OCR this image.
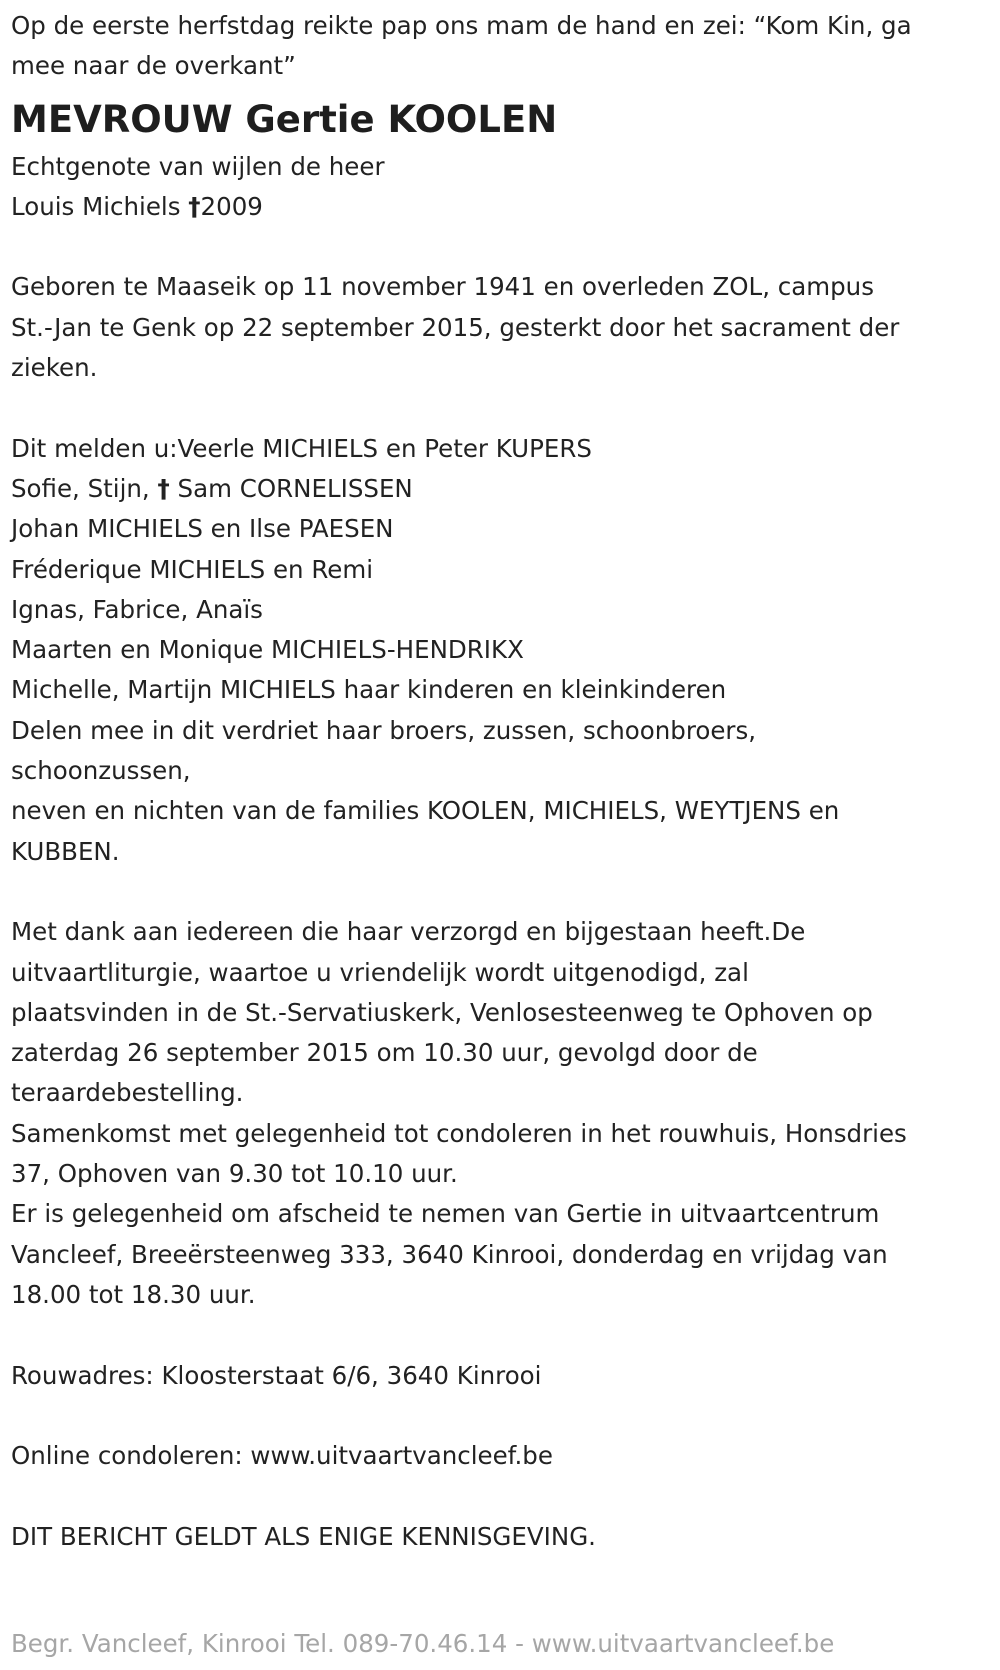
Op de eerste herfstdag reikte pap ons mam de hand en zei: “Kom Kin, ga
mee naar de overkant”
MEVROUW Gertie KOOLEN
Echtgenote van wijlen de heer
Louis Michiels †2009
Geboren te Maaseik op 11 november 1941 en overleden ZOL, campus
St.-Jan te Genk op 22 september 2015, gesterkt door het sacrament der
zieken.
Dit melden u:Veerle MICHIELS en Peter KUPERS
Sofie, Stijn, † Sam CORNELISSEN
Johan MICHIELS en Ilse PAESEN
Fréderique MICHIELS en Remi
Ignas, Fabrice, Anaïs
Maarten en Monique MICHIELS-HENDRIKX
Michelle, Martijn MICHIELS haar kinderen en kleinkinderen
Delen mee in dit verdriet haar broers, zussen, schoonbroers,
schoonzussen,
neven en nichten van de families KOOLEN, MICHIELS, WEYTJENS en
KUBBEN.
Met dank aan iedereen die haar verzorgd en bijgestaan heeft.De
uitvaartliturgie, waartoe u vriendelijk wordt uitgenodigd, zal
plaatsvinden in de St.-Servatiuskerk, Venlosesteenweg te Ophoven op
zaterdag 26 september 2015 om 10.30 uur, gevolgd door de
teraardebestelling.
Samenkomst met gelegenheid tot condoleren in het rouwhuis, Honsdries
37, Ophoven van 9.30 tot 10.10 uur.
Er is gelegenheid om afscheid te nemen van Gertie in uitvaartcentrum
Vancleef, Breeërsteenweg 333, 3640 Kinrooi, donderdag en vrijdag van
18.00 tot 18.30 uur.
Rouwadres: Kloosterstaat 6/6, 3640 Kinrooi
Online condoleren: www.uitvaartvancleef.be
DIT BERICHT GELDT ALS ENIGE KENNISGEVING.
Begr. Vancleef, Kinrooi Tel. 089-70.46.14 - www.uitvaartvancleef.be
